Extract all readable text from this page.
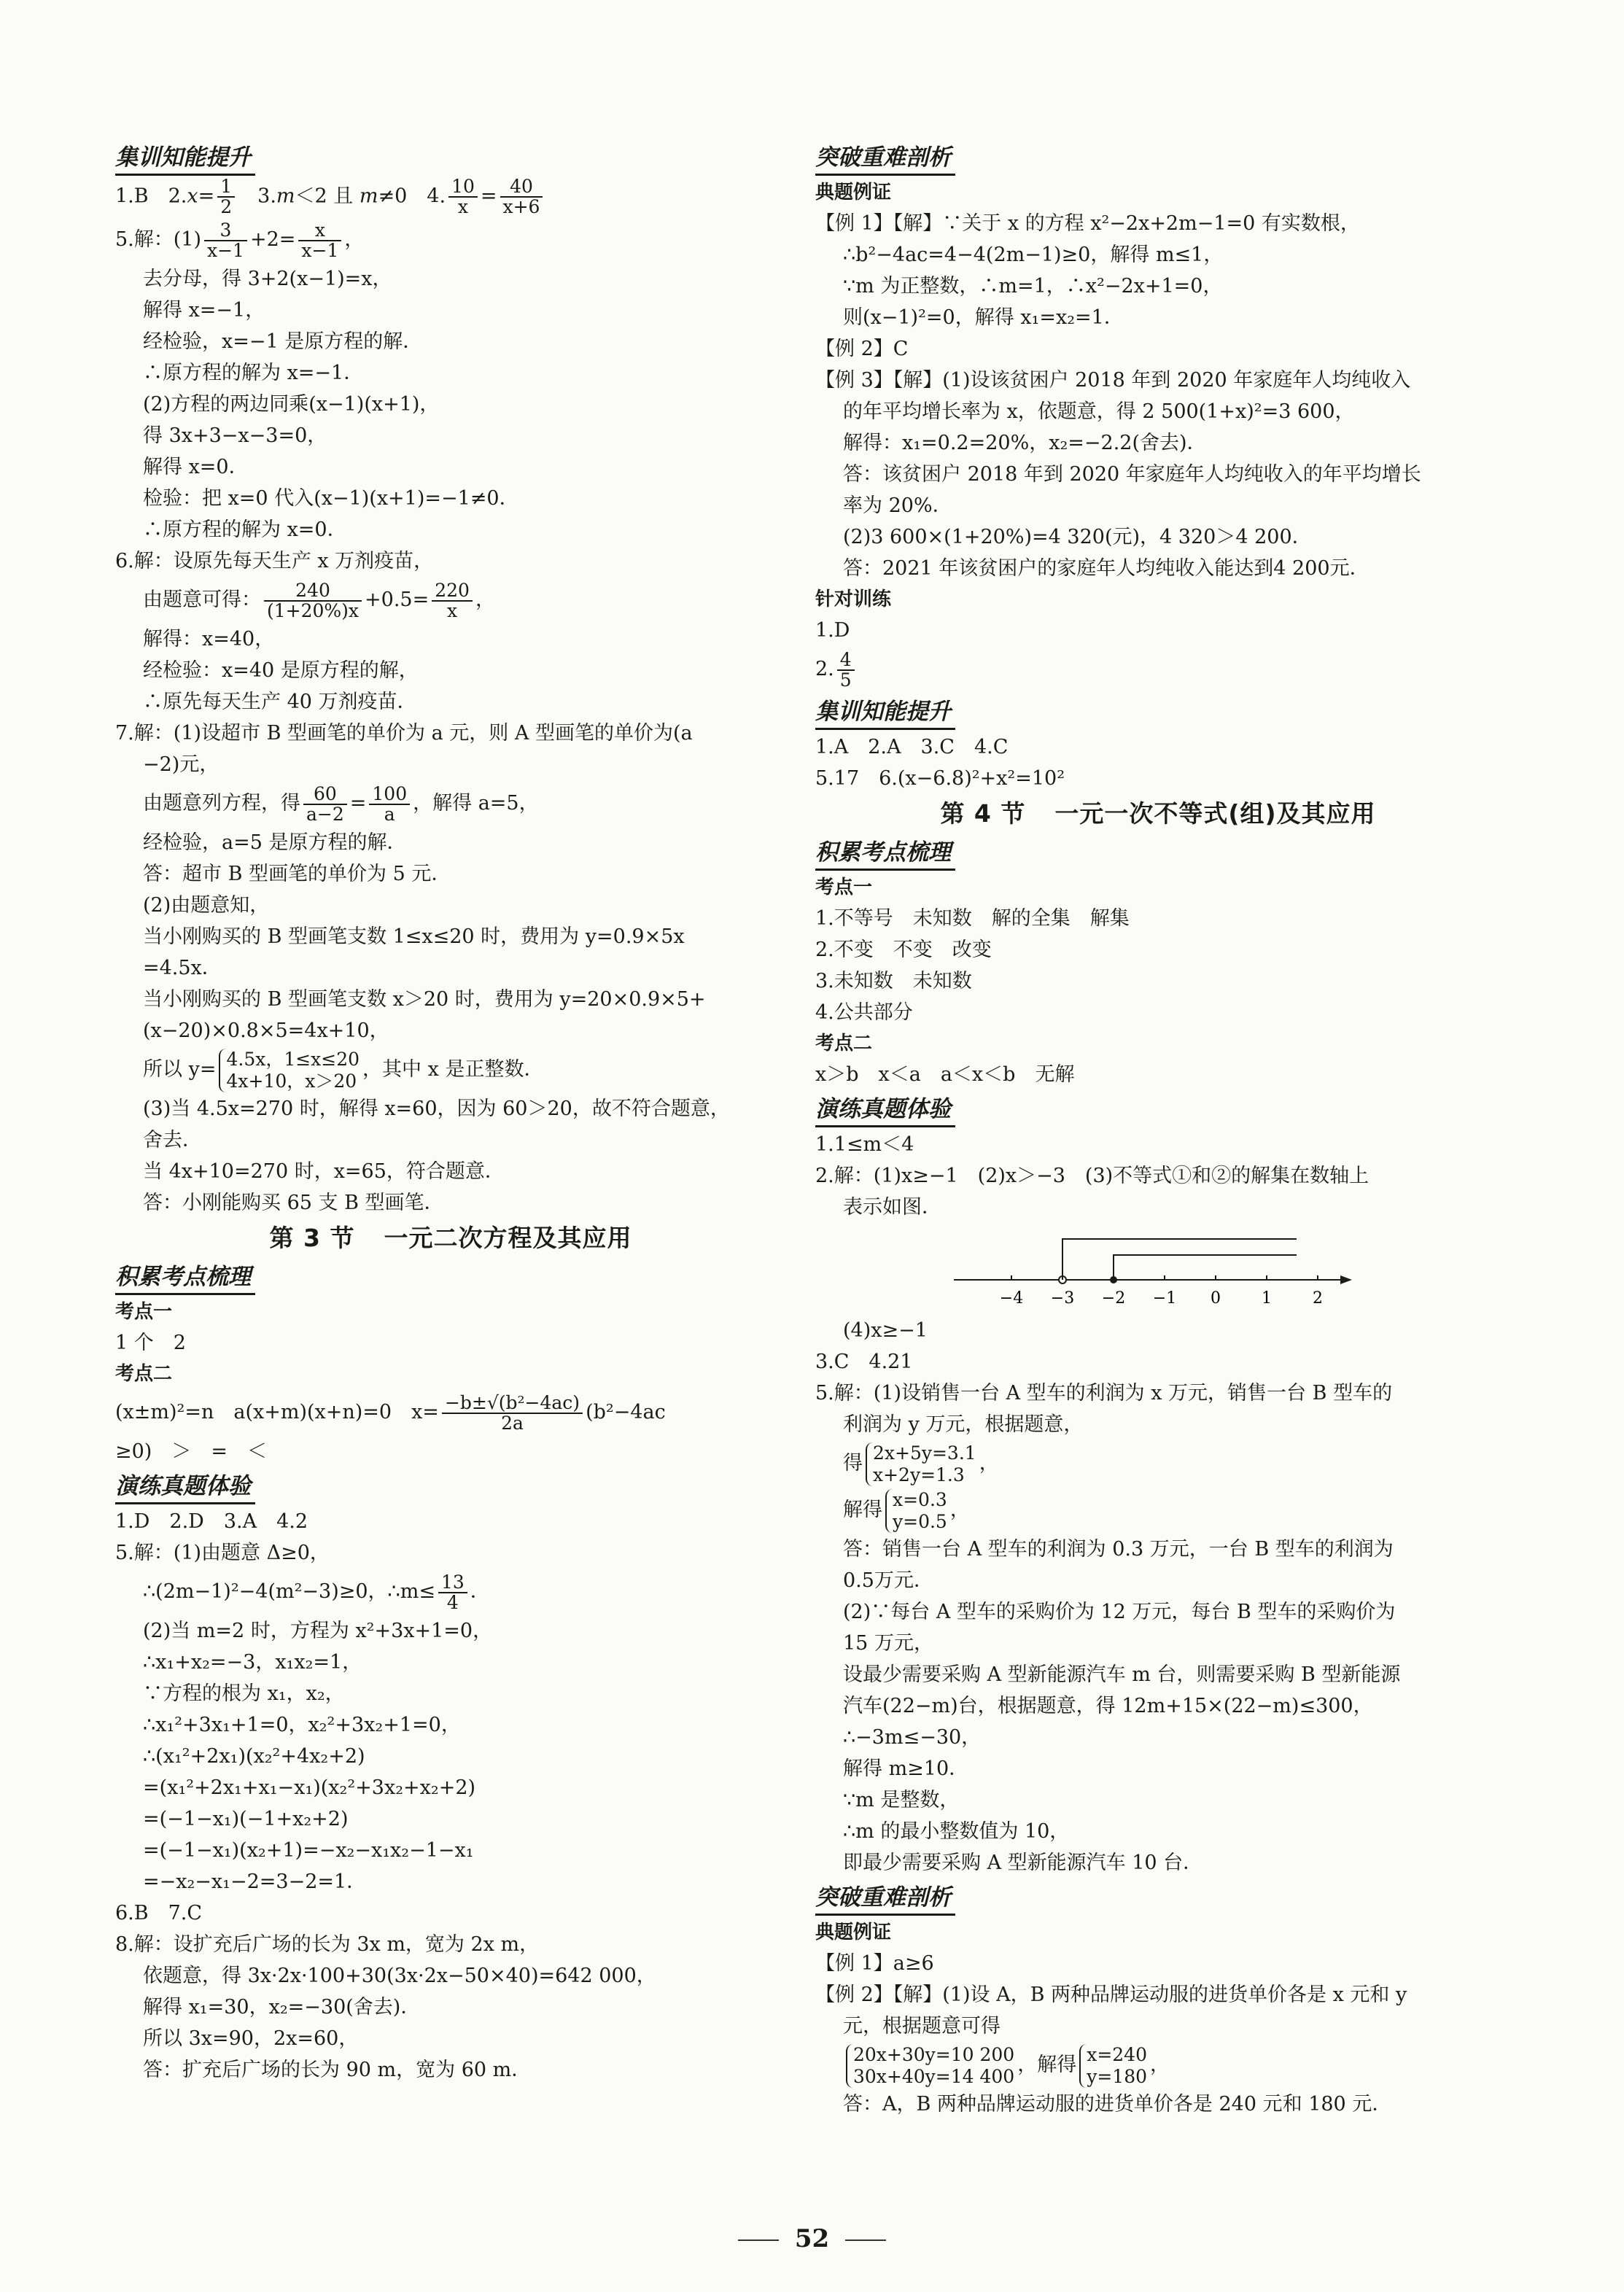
集训知能提升

1.B　$2.x= \frac{1}{2}$
　 3.m＜2 且 m≠0　4. $\frac{10}{x} = \frac{40}{x+6}$

5.解：$(1) \frac{3}{x-1} +2= \frac{x}{x-1}$ ，

去分母，得 3+2(x−1)=x，

解得 x=−1，

经检验，x=−1 是原方程的解．

∴原方程的解为 x=−1．

(2)方程的两边同乘(x−1)(x+1)，

得 3x+3−x−3=0，

解得 x=0．

检验：把 x=0 代入(x−1)(x+1)=−1≠0．

∴原方程的解为 x=0．

6.解：设原先每天生产 x 万剂疫苗，

由题意可得： $\frac{240}{(1+20\%)x} +0.5= \frac{220}{x}$ ，

解得：x=40，

经检验：x=40 是原方程的解，

∴原先每天生产 40 万剂疫苗．

7.解：(1)设超市 B 型画笔的单价为 a 元，则 A 型画笔的单价为(a

−2)元，

由题意列方程，得 $\frac{60}{a-2} = \frac{100}{a}$ ，解得 a=5，

经检验，a=5 是原方程的解．

答：超市 B 型画笔的单价为 5 元．

(2)由题意知，

当小刚购买的 B 型画笔支数 1≤x≤20 时，费用为 y=0.9×5x

=4.5x．

当小刚购买的 B 型画笔支数 x＞20 时，费用为 y=20×0.9×5+

(x−20)×0.8×5=4x+10，

所以 y= 4.5x，1≤x≤20
4x+10，x＞20 ，其中 x 是正整数．

(3)当 4.5x=270 时，解得 x=60，因为 60＞20，故不符合题意，

舍去．

当 4x+10=270 时，x=65，符合题意．

答：小刚能购买 65 支 B 型画笔．

第 3 节 一元二次方程及其应用
积累考点梳理
考点一

1 个　2

考点二

(x±m)²=n　a(x+m)(x+n)=0　$x= \frac{\text{−b±√(b²−4ac)}}{2a} (b^2-4ac$

≥0)　＞　=　＜

演练真题体验

1.D　2.D　3.A　4.2

5.解：(1)由题意 Δ≥0，

∴(2m−1)²−4(m²−3)≥0，∴m≤ $\frac{13}{4}$ ．

(2)当 m=2 时，方程为 x²+3x+1=0，

∴x₁+x₂=−3，x₁x₂=1，

∵方程的根为 x₁，x₂，

∴x₁²+3x₁+1=0，x₂²+3x₂+1=0，

∴(x₁²+2x₁)(x₂²+4x₂+2)

=(x₁²+2x₁+x₁−x₁)(x₂²+3x₂+x₂+2)

=(−1−x₁)(−1+x₂+2)

=(−1−x₁)(x₂+1)=−x₂−x₁x₂−1−x₁

=−x₂−x₁−2=3−2=1．

6.B　7.C

8.解：设扩充后广场的长为 3x m，宽为 2x m，

依题意，得 3x·2x·100+30(3x·2x−50×40)=642 000，

解得 x₁=30，x₂=−30(舍去)．

所以 3x=90，2x=60，

答：扩充后广场的长为 90 m，宽为 60 m．

突破重难剖析
典题例证

【例 1】【解】∵关于 x 的方程 x²−2x+2m−1=0 有实数根，

∴b²−4ac=4−4(2m−1)≥0，解得 m≤1，

∵m 为正整数，∴m=1，∴x²−2x+1=0，

则(x−1)²=0，解得 x₁=x₂=1．

【例 2】C

【例 3】【解】(1)设该贫困户 2018 年到 2020 年家庭年人均纯收入

的年平均增长率为 x，依题意，得 2 500(1+x)²=3 600，

解得：x₁=0.2=20%，x₂=−2.2(舍去)．

答：该贫困户 2018 年到 2020 年家庭年人均纯收入的年平均增长

率为 20%．

(2)3 600×(1+20%)=4 320(元)，4 320＞4 200．

答：2021 年该贫困户的家庭年人均纯收入能达到4 200元．

针对训练

1.D

2. $\frac{4}{5}$

集训知能提升

1.A　2.A　3.C　4.C

5.17　6.(x−6.8)²+x²=10²

第 4 节 一元一次不等式(组)及其应用
积累考点梳理
考点一

1.不等号　未知数　解的全集　解集

2.不变　不变　改变

3.未知数　未知数

4.公共部分

考点二

x＞b　x＜a　a＜x＜b　无解

演练真题体验

1.1≤m＜4

2.解：(1)x≥−1　(2)x＞−3　(3)不等式①和②的解集在数轴上

表示如图．

−4 −3 −2 −1 0	1	2

(4)x≥−1

3.C　4.21

5.解：(1)设销售一台 A 型车的利润为 x 万元，销售一台 B 型车的

利润为 y 万元，根据题意，

得 2x+5y=3.1
x+2y=1.3 ，

解得 x=0.3
y=0.5 ，

答：销售一台 A 型车的利润为 0.3 万元，一台 B 型车的利润为

0.5万元．

(2)∵每台 A 型车的采购价为 12 万元，每台 B 型车的采购价为

15 万元，

设最少需要采购 A 型新能源汽车 m 台，则需要采购 B 型新能源

汽车(22−m)台，根据题意，得 12m+15×(22−m)≤300，

∴−3m≤−30，

解得 m≥10．

∵m 是整数，

∴m 的最小整数值为 10，

即最少需要采购 A 型新能源汽车 10 台．

突破重难剖析
典题例证

【例 1】a≥6

【例 2】【解】(1)设 A，B 两种品牌运动服的进货单价各是 x 元和 y

元，根据题意可得

20x+30y=10 200
30x+40y=14 400 ，解得 x=240
y=180 ，

答：A，B 两种品牌运动服的进货单价各是 240 元和 180 元．

52
